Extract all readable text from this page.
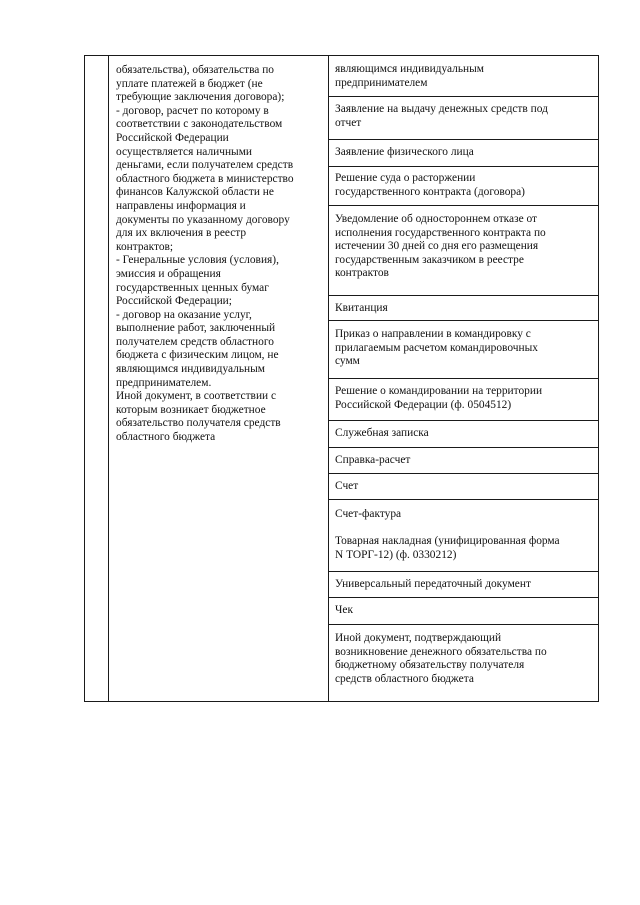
обязательства), обязательства по
уплате платежей в бюджет (не
требующие заключения договора);
- договор, расчет по которому в
соответствии с законодательством
Российской Федерации
осуществляется наличными
деньгами, если получателем средств
областного бюджета в министерство
финансов Калужской области не
направлены информация и
документы по указанному договору
для их включения в реестр
контрактов;
- Генеральные условия (условия),
эмиссия и обращения
государственных ценных бумаг
Российской Федерации;
- договор на оказание услуг,
выполнение работ, заключенный
получателем средств областного
бюджета с физическим лицом, не
являющимся индивидуальным
предпринимателем.
Иной документ, в соответствии с
которым возникает бюджетное
обязательство получателя средств
областного бюджета
являющимся индивидуальным
предпринимателем
Заявление на выдачу денежных средств под
отчет
Заявление физического лица
Решение суда о расторжении
государственного контракта (договора)
Уведомление об одностороннем отказе от
исполнения государственного контракта по
истечении 30 дней со дня его размещения
государственным заказчиком в реестре
контрактов
Квитанция
Приказ о направлении в командировку с
прилагаемым расчетом командировочных
сумм
Решение о командировании на территории
Российской Федерации (ф. 0504512)
Служебная записка
Справка-расчет
Счет
Счет-фактура

Товарная накладная (унифицированная форма
N ТОРГ-12) (ф. 0330212)
Универсальный передаточный документ
Чек
Иной документ, подтверждающий
возникновение денежного обязательства по
бюджетному обязательству получателя
средств областного бюджета
